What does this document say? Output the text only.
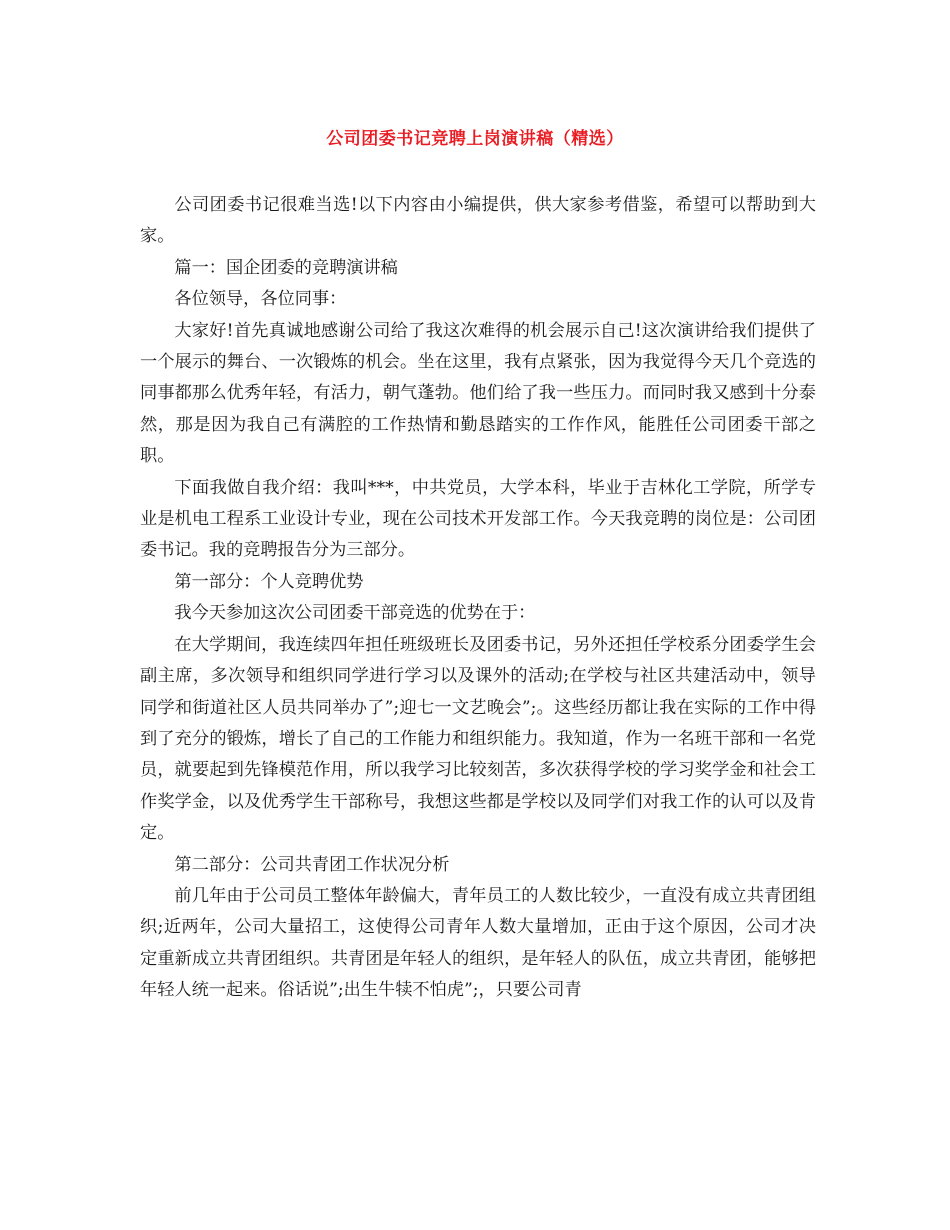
公司团委书记竞聘上岗演讲稿（精选）

公司团委书记很难当选!以下内容由小编提供，供大家参考借鉴，希望可以帮助到大家。

篇一：国企团委的竞聘演讲稿

各位领导，各位同事：

大家好!首先真诚地感谢公司给了我这次难得的机会展示自己!这次演讲给我们提供了一个展示的舞台、一次锻炼的机会。坐在这里，我有点紧张，因为我觉得今天几个竞选的同事都那么优秀年轻，有活力，朝气蓬勃。他们给了我一些压力。而同时我又感到十分泰然，那是因为我自己有满腔的工作热情和勤恳踏实的工作作风，能胜任公司团委干部之职。

下面我做自我介绍：我叫***，中共党员，大学本科，毕业于吉林化工学院，所学专业是机电工程系工业设计专业，现在公司技术开发部工作。今天我竞聘的岗位是：公司团委书记。我的竞聘报告分为三部分。

第一部分：个人竞聘优势

我今天参加这次公司团委干部竞选的优势在于：

在大学期间，我连续四年担任班级班长及团委书记，另外还担任学校系分团委学生会副主席，多次领导和组织同学进行学习以及课外的活动;在学校与社区共建活动中，领导同学和街道社区人员共同举办了”;迎七一文艺晚会”;。这些经历都让我在实际的工作中得到了充分的锻炼，增长了自己的工作能力和组织能力。我知道，作为一名班干部和一名党员，就要起到先锋模范作用，所以我学习比较刻苦，多次获得学校的学习奖学金和社会工作奖学金，以及优秀学生干部称号，我想这些都是学校以及同学们对我工作的认可以及肯定。

第二部分：公司共青团工作状况分析

前几年由于公司员工整体年龄偏大，青年员工的人数比较少，一直没有成立共青团组织;近两年，公司大量招工，这使得公司青年人数大量增加，正由于这个原因，公司才决定重新成立共青团组织。共青团是年轻人的组织，是年轻人的队伍，成立共青团，能够把年轻人统一起来。俗话说”;出生牛犊不怕虎”;，只要公司青
